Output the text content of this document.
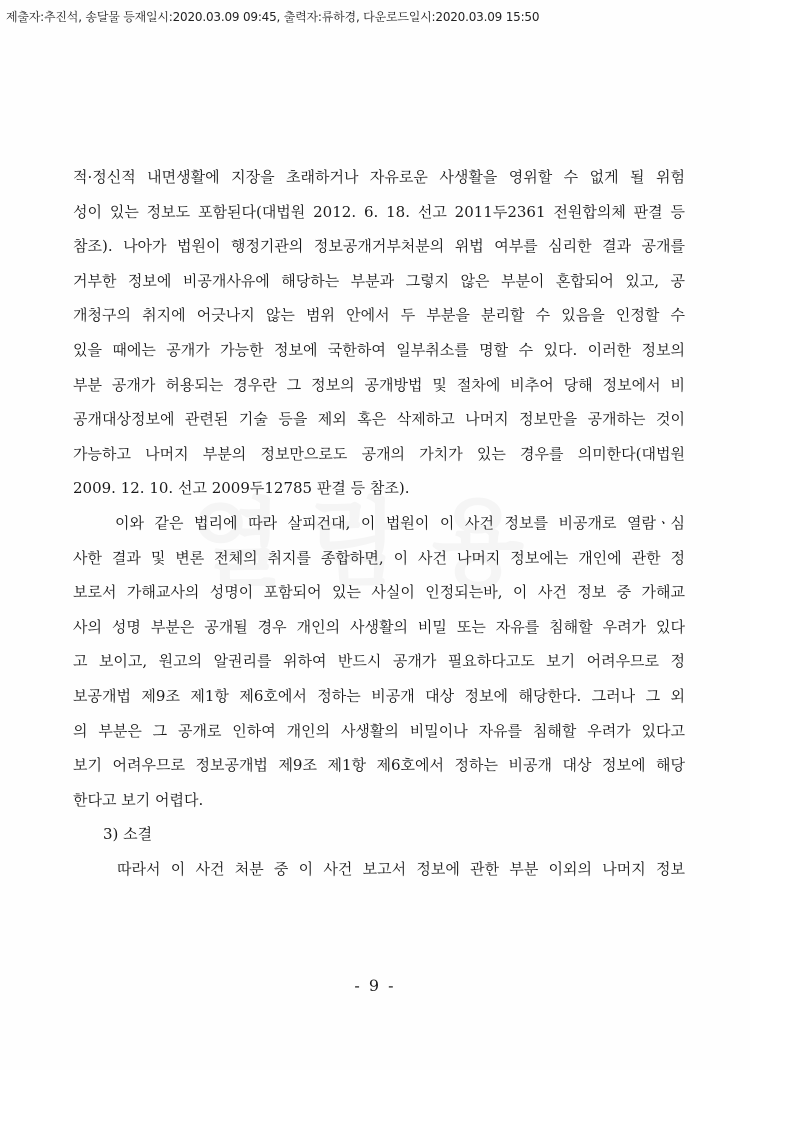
제출자:추진석, 송달물 등재일시:2020.03.09 09:45, 출력자:류하경, 다운로드일시:2020.03.09 15:50
적·정신적 내면생활에 지장을 초래하거나 자유로운 사생활을 영위할 수 없게 될 위험
성이 있는 정보도 포함된다(대법원 2012. 6. 18. 선고 2011두2361 전원합의체 판결 등
참조). 나아가 법원이 행정기관의 정보공개거부처분의 위법 여부를 심리한 결과 공개를
거부한 정보에 비공개사유에 해당하는 부분과 그렇지 않은 부분이 혼합되어 있고, 공
개청구의 취지에 어긋나지 않는 범위 안에서 두 부분을 분리할 수 있음을 인정할 수
있을 때에는 공개가 가능한 정보에 국한하여 일부취소를 명할 수 있다. 이러한 정보의
부분 공개가 허용되는 경우란 그 정보의 공개방법 및 절차에 비추어 당해 정보에서 비
공개대상정보에 관련된 기술 등을 제외 혹은 삭제하고 나머지 정보만을 공개하는 것이
가능하고 나머지 부분의 정보만으로도 공개의 가치가 있는 경우를 의미한다(대법원
2009. 12. 10. 선고 2009두12785 판결 등 참조).
이와 같은 법리에 따라 살피건대, 이 법원이 이 사건 정보를 비공개로 열람ㆍ심
사한 결과 및 변론 전체의 취지를 종합하면, 이 사건 나머지 정보에는 개인에 관한 정
보로서 가해교사의 성명이 포함되어 있는 사실이 인정되는바, 이 사건 정보 중 가해교
사의 성명 부분은 공개될 경우 개인의 사생활의 비밀 또는 자유를 침해할 우려가 있다
고 보이고, 원고의 알권리를 위하여 반드시 공개가 필요하다고도 보기 어려우므로 정
보공개법 제9조 제1항 제6호에서 정하는 비공개 대상 정보에 해당한다. 그러나 그 외
의 부분은 그 공개로 인하여 개인의 사생활의 비밀이나 자유를 침해할 우려가 있다고
보기 어려우므로 정보공개법 제9조 제1항 제6호에서 정하는 비공개 대상 정보에 해당
한다고 보기 어렵다.
3) 소결
따라서 이 사건 처분 중 이 사건 보고서 정보에 관한 부분 이외의 나머지 정보
- 9 -
